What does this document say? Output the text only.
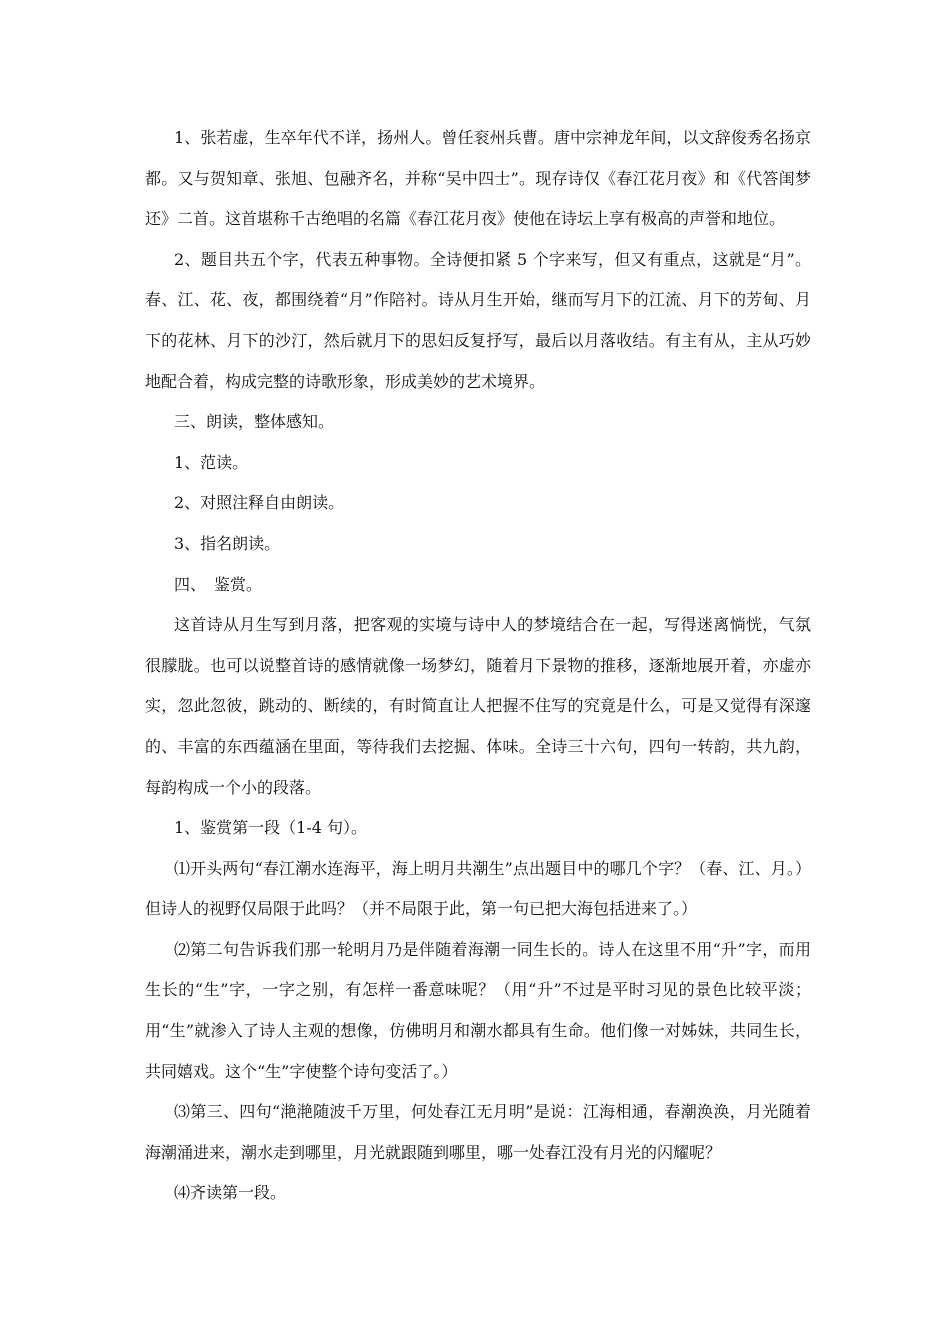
1、张若虚，生卒年代不详，扬州人。曾任衮州兵曹。唐中宗神龙年间，以文辞俊秀名扬京都。又与贺知章、张旭、包融齐名，并称“吴中四士”。现存诗仅《春江花月夜》和《代答闺梦还》二首。这首堪称千古绝唱的名篇《春江花月夜》使他在诗坛上享有极高的声誉和地位。

2、题目共五个字，代表五种事物。全诗便扣紧 5 个字来写，但又有重点，这就是“月”。春、江、花、夜，都围绕着“月”作陪衬。诗从月生开始，继而写月下的江流、月下的芳甸、月下的花林、月下的沙汀，然后就月下的思妇反复抒写，最后以月落收结。有主有从，主从巧妙地配合着，构成完整的诗歌形象，形成美妙的艺术境界。

三、朗读，整体感知。

1、范读。

2、对照注释自由朗读。

3、指名朗读。

四、　鉴赏。

这首诗从月生写到月落，把客观的实境与诗中人的梦境结合在一起，写得迷离惝恍，气氛很朦胧。也可以说整首诗的感情就像一场梦幻，随着月下景物的推移，逐渐地展开着，亦虚亦实，忽此忽彼，跳动的、断续的，有时简直让人把握不住写的究竟是什么，可是又觉得有深邃的、丰富的东西蕴涵在里面，等待我们去挖掘、体味。全诗三十六句，四句一转韵，共九韵，每韵构成一个小的段落。

1、鉴赏第一段（1-4 句）。

⑴开头两句“春江潮水连海平，海上明月共潮生”点出题目中的哪几个字？（春、江、月。）但诗人的视野仅局限于此吗？（并不局限于此，第一句已把大海包括进来了。）

⑵第二句告诉我们那一轮明月乃是伴随着海潮一同生长的。诗人在这里不用“升”字，而用生长的“生”字，一字之别，有怎样一番意味呢？（用“升”不过是平时习见的景色比较平淡；用“生”就渗入了诗人主观的想像，仿佛明月和潮水都具有生命。他们像一对姊妹，共同生长，共同嬉戏。这个“生”字使整个诗句变活了。）

⑶第三、四句“滟滟随波千万里，何处春江无月明”是说：江海相通，春潮涣涣，月光随着海潮涌进来，潮水走到哪里，月光就跟随到哪里，哪一处春江没有月光的闪耀呢？

⑷齐读第一段。
